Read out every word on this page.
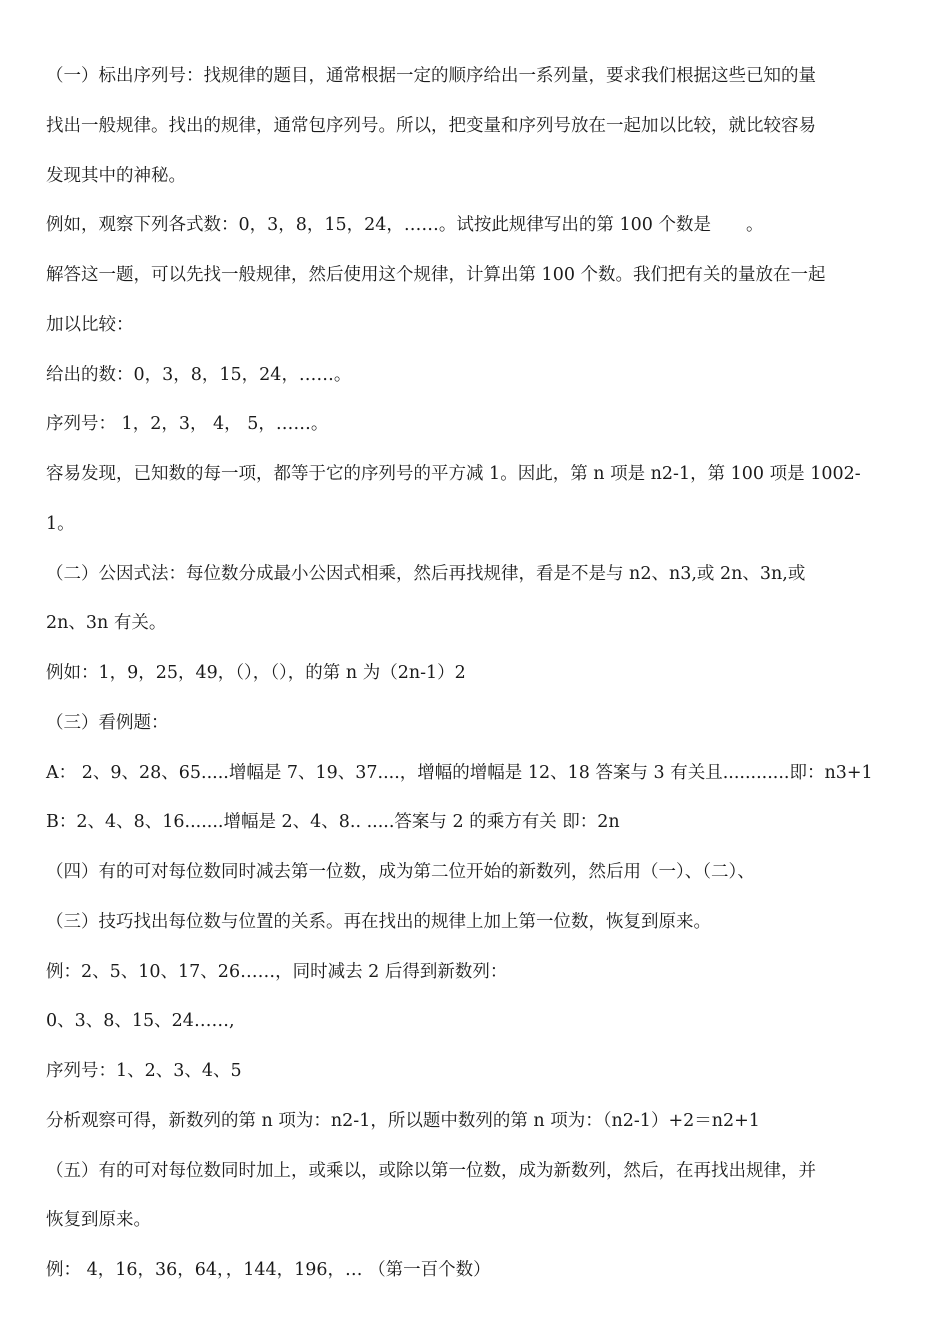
（一）标出序列号：找规律的题目，通常根据一定的顺序给出一系列量，要求我们根据这些已知的量
找出一般规律。找出的规律，通常包序列号。所以，把变量和序列号放在一起加以比较，就比较容易
发现其中的神秘。
例如，观察下列各式数：0，3，8，15，24，……。试按此规律写出的第 100 个数是　　。
解答这一题，可以先找一般规律，然后使用这个规律，计算出第 100 个数。我们把有关的量放在一起
加以比较：
给出的数：0，3，8，15，24，……。
序列号： 1，2，3， 4， 5，……。
容易发现，已知数的每一项，都等于它的序列号的平方减 1。因此，第 n 项是 n2-1，第 100 项是 1002-
1。
（二）公因式法：每位数分成最小公因式相乘，然后再找规律，看是不是与 n2、n3,或 2n、3n,或
2n、3n 有关。
例如：1，9，25，49，（），（），的第 n 为（2n-1）2
（三）看例题：
A： 2、9、28、65.....增幅是 7、19、37....，增幅的增幅是 12、18 答案与 3 有关且............即：n3+1
B：2、4、8、16.......增幅是 2、4、8.. .....答案与 2 的乘方有关 即：2n
（四）有的可对每位数同时减去第一位数，成为第二位开始的新数列，然后用（一）、（二）、
（三）技巧找出每位数与位置的关系。再在找出的规律上加上第一位数，恢复到原来。
例：2、5、10、17、26……，同时减去 2 后得到新数列：
0、3、8、15、24……,
序列号：1、2、3、4、5
分析观察可得，新数列的第 n 项为：n2-1，所以题中数列的第 n 项为：（n2-1）+2＝n2+1
（五）有的可对每位数同时加上，或乘以，或除以第一位数，成为新数列，然后，在再找出规律，并
恢复到原来。
例： 4，16，36，64，，144，196，… （第一百个数）
